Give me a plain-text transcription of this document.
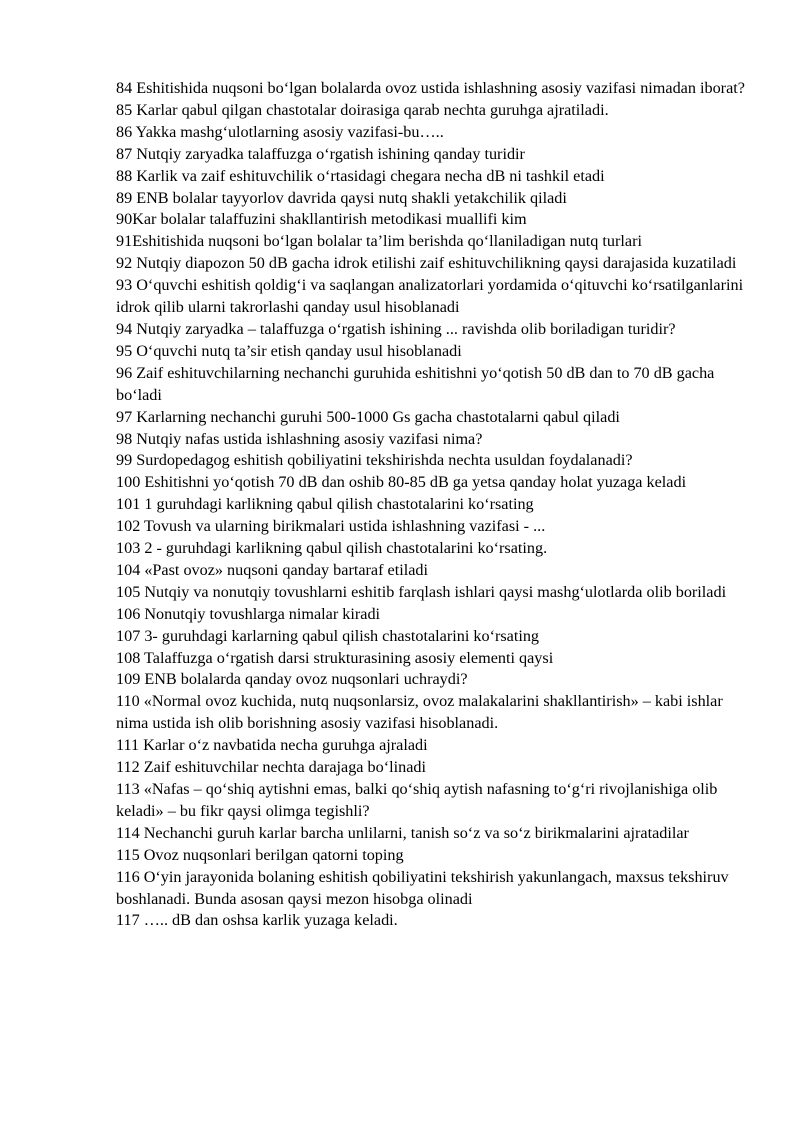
84 Eshitishida nuqsoni bo‘lgan bolalarda ovoz ustida ishlashning asosiy vazifasi nimadan iborat?

85 Karlar qabul qilgan chastotalar doirasiga qarab nechta guruhga ajratiladi.

86 Yakka mashg‘ulotlarning asosiy vazifasi-bu…..

87 Nutqiy zaryadka talaffuzga o‘rgatish ishining qanday turidir

88 Karlik va zaif eshituvchilik o‘rtasidagi chegara necha dB ni tashkil etadi

89 ENB bolalar tayyorlov davrida qaysi nutq shakli yetakchilik qiladi

90Kar bolalar talaffuzini shakllantirish metodikasi muallifi kim

91Eshitishida nuqsoni bo‘lgan bolalar ta’lim berishda qo‘llaniladigan nutq turlari

92 Nutqiy diapozon 50 dB gacha idrok etilishi zaif eshituvchilikning qaysi darajasida kuzatiladi

93 O‘quvchi eshitish qoldig‘i va saqlangan analizatorlari yordamida o‘qituvchi ko‘rsatilganlarini idrok qilib ularni takrorlashi qanday usul hisoblanadi

94 Nutqiy zaryadka – talaffuzga o‘rgatish ishining ... ravishda olib boriladigan turidir?

95 O‘quvchi nutq ta’sir etish qanday usul hisoblanadi

96 Zaif eshituvchilarning nechanchi guruhida eshitishni yo‘qotish 50 dB dan to 70 dB gacha bo‘ladi

97 Karlarning nechanchi guruhi 500-1000 Gs gacha chastotalarni qabul qiladi

98 Nutqiy nafas ustida ishlashning asosiy vazifasi nima?

99 Surdopedagog eshitish qobiliyatini tekshirishda nechta usuldan foydalanadi?

100 Eshitishni yo‘qotish 70 dB dan oshib 80-85 dB ga yetsa qanday holat yuzaga keladi

101 1 guruhdagi karlikning qabul qilish chastotalarini ko‘rsating

102 Tovush va ularning birikmalari ustida ishlashning vazifasi - ...

103 2 - guruhdagi karlikning qabul qilish chastotalarini ko‘rsating.

104 «Past ovoz» nuqsoni qanday bartaraf etiladi

105 Nutqiy va nonutqiy tovushlarni eshitib farqlash ishlari qaysi mashg‘ulotlarda olib boriladi

106 Nonutqiy tovushlarga nimalar kiradi

107 3- guruhdagi karlarning qabul qilish chastotalarini ko‘rsating

108 Talaffuzga o‘rgatish darsi strukturasining asosiy elementi qaysi

109 ENB bolalarda qanday ovoz nuqsonlari uchraydi?

110 «Normal ovoz kuchida, nutq nuqsonlarsiz, ovoz malakalarini shakllantirish» – kabi ishlar nima ustida ish olib borishning asosiy vazifasi hisoblanadi.

111 Karlar o‘z navbatida necha guruhga ajraladi

112 Zaif eshituvchilar nechta darajaga bo‘linadi

113 «Nafas – qo‘shiq aytishni emas, balki qo‘shiq aytish nafasning to‘g‘ri rivojlanishiga olib keladi» – bu fikr qaysi olimga tegishli?

114 Nechanchi guruh karlar barcha unlilarni, tanish so‘z va so‘z birikmalarini ajratadilar

115 Ovoz nuqsonlari berilgan qatorni toping

116 O‘yin jarayonida bolaning eshitish qobiliyatini tekshirish yakunlangach, maxsus tekshiruv boshlanadi. Bunda asosan qaysi mezon hisobga olinadi

117 ….. dB dan oshsa karlik yuzaga keladi.
